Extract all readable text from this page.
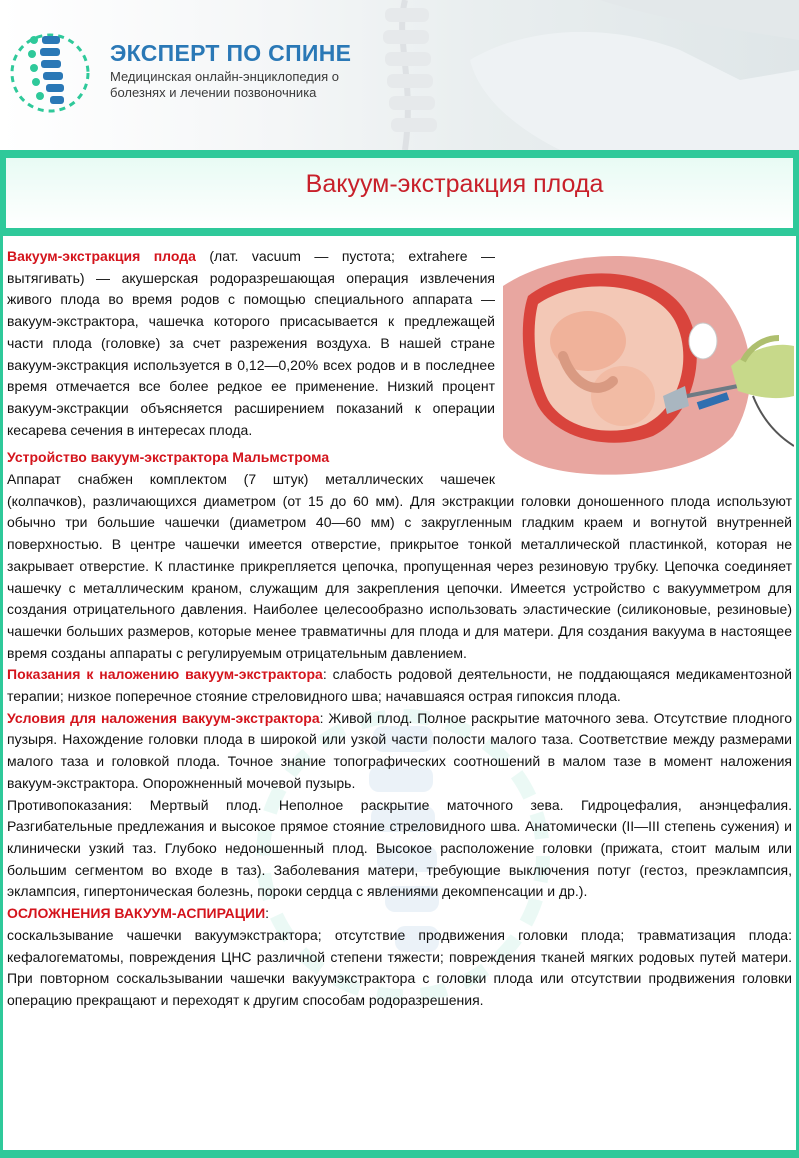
ЭКСПЕРТ ПО СПИНЕ
Медицинская онлайн-энциклопедия о
болезнях и лечении позвоночника
Вакуум-экстракция плода

Вакуум-экстракция плода (лат. vacuum — пустота; extrahere — вытягивать) — акушерская родоразрешающая операция извлечения живого плода во время родов с помощью специального аппарата — вакуум-экстрактора, чашечка которого присасывается к предлежащей части плода (головке) за счет разрежения воздуха. В нашей стране вакуум-экстракция используется в 0,12—0,20% всех родов и в последнее время отмечается все более редкое ее применение. Низкий процент вакуум-экстракции объясняется расширением показаний к операции кесарева сечения в интересах плода.

Устройство вакуум-экстрактора Мальмстрома

Аппарат снабжен комплектом (7 штук) металлических чашечек (колпачков), различающихся диаметром (от 15 до 60 мм). Для экстракции головки доношенного плода используют обычно три большие чашечки (диаметром 40—60 мм) с закругленным гладким краем и вогнутой внутренней поверхностью. В центре чашечки имеется отверстие, прикрытое тонкой металлической пластинкой, которая не закрывает отверстие. К пластинке прикрепляется цепочка, пропущенная через резиновую трубку. Цепочка соединяет чашечку с металлическим краном, служащим для закрепления цепочки. Имеется устройство с вакуумметром для создания отрицательного давления. Наиболее целесообразно использовать эластические (силиконовые, резиновые) чашечки больших размеров, которые менее травматичны для плода и для матери. Для создания вакуума в настоящее время созданы аппараты с регулируемым отрицательным давлением.

Показания к наложению вакуум-экстрактора: слабость родовой деятельности, не поддающаяся медикаментозной терапии; низкое поперечное стояние стреловидного шва; начавшаяся острая гипоксия плода.

Условия для наложения вакуум-экстрактора: Живой плод. Полное раскрытие маточного зева. Отсутствие плодного пузыря. Нахождение головки плода в широкой или узкой части полости малого таза. Соответствие между размерами малого таза и головкой плода. Точное знание топографических соотношений в малом тазе в момент наложения вакуум-экстрактора. Опорожненный мочевой пузырь.

Противопоказания: Мертвый плод. Неполное раскрытие маточного зева. Гидроцефалия, анэнцефалия. Разгибательные предлежания и высокое прямое стояние стреловидного шва. Анатомически (II—III степень сужения) и клинически узкий таз. Глубоко недоношенный плод. Высокое расположение головки (прижата, стоит малым или большим сегментом во входе в таз). Заболевания матери, требующие выключения потуг (гестоз, преэклампсия, эклампсия, гипертоническая болезнь, пороки сердца с явлениями декомпенсации и др.).

ОСЛОЖНЕНИЯ ВАКУУМ-АСПИРАЦИИ:

соскальзывание чашечки вакуумэкстрактора; отсутствие продвижения головки плода; травматизация плода: кефалогематомы, повреждения ЦНС различной степени тяжести; повреждения тканей мягких родовых путей матери. При повторном соскальзывании чашечки вакуумэкстрактора с головки плода или отсутствии продвижения головки операцию прекращают и переходят к другим способам родоразрешения.
